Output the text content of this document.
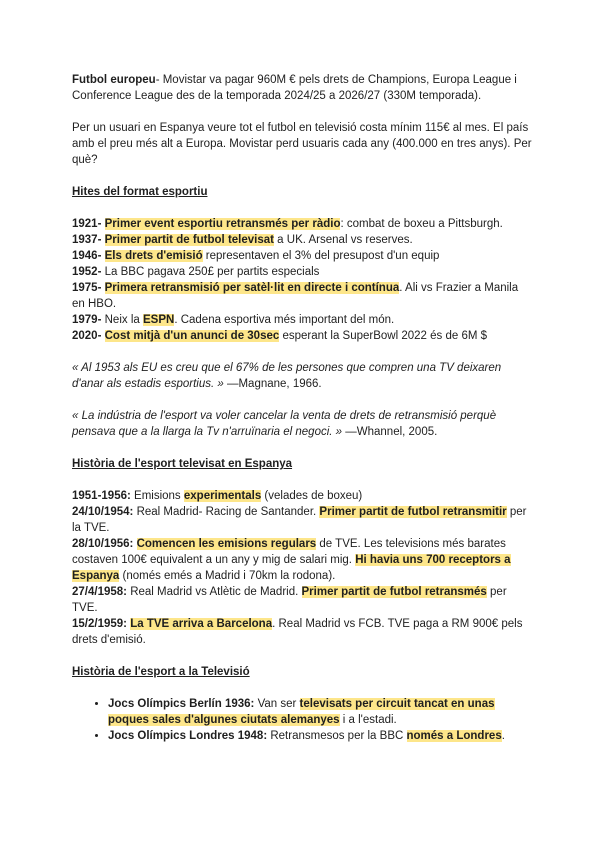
Futbol europeu- Movistar va pagar 960M € pels drets de Champions, Europa League i Conference League des de la temporada 2024/25 a 2026/27 (330M temporada).

Per un usuari en Espanya veure tot el futbol en televisió costa mínim 115€ al mes. El país amb el preu més alt a Europa. Movistar perd usuaris cada any (400.000 en tres anys). Per què?

Hites del format esportiu

1921- Primer event esportiu retransmés per ràdio: combat de boxeu a Pittsburgh.

1937- Primer partit de futbol televisat a UK. Arsenal vs reserves.

1946- Els drets d'emisió representaven el 3% del presupost d'un equip

1952- La BBC pagava 250£ per partits especials

1975- Primera retransmisió per satèl·lit en directe i contínua. Ali vs Frazier a Manila en HBO.

1979- Neix la ESPN. Cadena esportiva més important del món.

2020- Cost mitjà d'un anunci de 30sec esperant la SuperBowl 2022 és de 6M $

« Al 1953 als EU es creu que el 67% de les persones que compren una TV deixaren d'anar als estadis esportius. » —Magnane, 1966.

« La indústria de l'esport va voler cancelar la venta de drets de retransmisió perquè pensava que a la llarga la Tv n'arruïnaria el negoci. » —Whannel, 2005.

Història de l'esport televisat en Espanya

1951-1956: Emisions experimentals (velades de boxeu)

24/10/1954: Real Madrid- Racing de Santander. Primer partit de futbol retransmitir per la TVE.

28/10/1956: Comencen les emisions regulars de TVE. Les televisions més barates costaven 100€ equivalent a un any y mig de salari mig. Hi havia uns 700 receptors a Espanya (només emés a Madrid i 70km la rodona).

27/4/1958: Real Madrid vs Atlètic de Madrid. Primer partit de futbol retransmés per TVE.

15/2/1959: La TVE arriva a Barcelona. Real Madrid vs FCB. TVE paga a RM 900€ pels drets d'emisió.

Història de l'esport a la Televisió

• Jocs Olímpics Berlín 1936: Van ser televisats per circuit tancat en unas poques sales d'algunes ciutats alemanyes i a l'estadi.
• Jocs Olímpics Londres 1948: Retransmesos per la BBC només a Londres.
